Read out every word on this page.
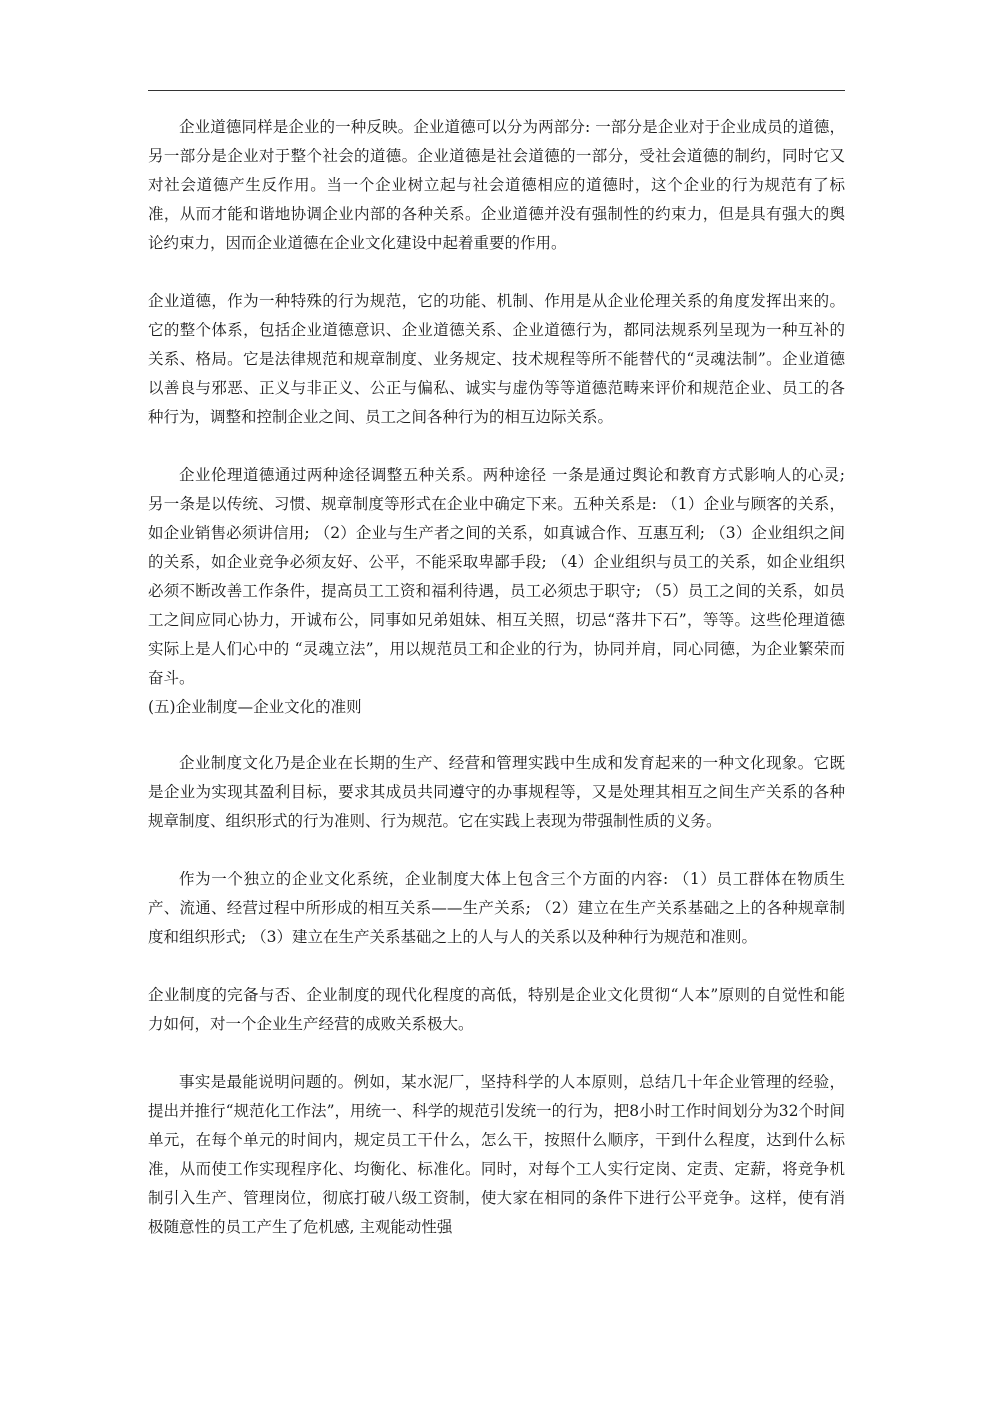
企业道德同样是企业的一种反映。企业道德可以分为两部分: 一部分是企业对于企业成员的道德，另一部分是企业对于整个社会的道德。企业道德是社会道德的一部分，受社会道德的制约，同时它又对社会道德产生反作用。当一个企业树立起与社会道德相应的道德时，这个企业的行为规范有了标准，从而才能和谐地协调企业内部的各种关系。企业道德并没有强制性的约束力，但是具有强大的舆论约束力，因而企业道德在企业文化建设中起着重要的作用。

企业道德，作为一种特殊的行为规范，它的功能、机制、作用是从企业伦理关系的角度发挥出来的。它的整个体系，包括企业道德意识、企业道德关系、企业道德行为，都同法规系列呈现为一种互补的关系、格局。它是法律规范和规章制度、业务规定、技术规程等所不能替代的“灵魂法制”。企业道德以善良与邪恶、正义与非正义、公正与偏私、诚实与虚伪等等道德范畴来评价和规范企业、员工的各种行为，调整和控制企业之间、员工之间各种行为的相互边际关系。

企业伦理道德通过两种途径调整五种关系。两种途径 一条是通过舆论和教育方式影响人的心灵; 另一条是以传统、习惯、规章制度等形式在企业中确定下来。五种关系是: （1）企业与顾客的关系，如企业销售必须讲信用; （2）企业与生产者之间的关系，如真诚合作、互惠互利; （3）企业组织之间的关系，如企业竞争必须友好、公平，不能采取卑鄙手段; （4）企业组织与员工的关系，如企业组织必须不断改善工作条件，提高员工工资和福利待遇，员工必须忠于职守; （5）员工之间的关系，如员工之间应同心协力，开诚布公，同事如兄弟姐妹、相互关照，切忌“落井下石”，等等。这些伦理道德实际上是人们心中的 “灵魂立法”，用以规范员工和企业的行为，协同并肩，同心同德，为企业繁荣而奋斗。

(五)企业制度—企业文化的准则

企业制度文化乃是企业在长期的生产、经营和管理实践中生成和发育起来的一种文化现象。它既是企业为实现其盈利目标，要求其成员共同遵守的办事规程等，又是处理其相互之间生产关系的各种规章制度、组织形式的行为准则、行为规范。它在实践上表现为带强制性质的义务。

作为一个独立的企业文化系统，企业制度大体上包含三个方面的内容: （1）员工群体在物质生产、流通、经营过程中所形成的相互关系——生产关系; （2）建立在生产关系基础之上的各种规章制度和组织形式; （3）建立在生产关系基础之上的人与人的关系以及种种行为规范和准则。

企业制度的完备与否、企业制度的现代化程度的高低，特别是企业文化贯彻“人本”原则的自觉性和能力如何，对一个企业生产经营的成败关系极大。

事实是最能说明问题的。例如，某水泥厂，坚持科学的人本原则，总结几十年企业管理的经验，提出并推行“规范化工作法”，用统一、科学的规范引发统一的行为，把8小时工作时间划分为32个时间单元，在每个单元的时间内，规定员工干什么，怎么干，按照什么顺序，干到什么程度，达到什么标准，从而使工作实现程序化、均衡化、标准化。同时，对每个工人实行定岗、定责、定薪，将竞争机制引入生产、管理岗位，彻底打破八级工资制，使大家在相同的条件下进行公平竞争。这样，使有消极随意性的员工产生了危机感, 主观能动性强
